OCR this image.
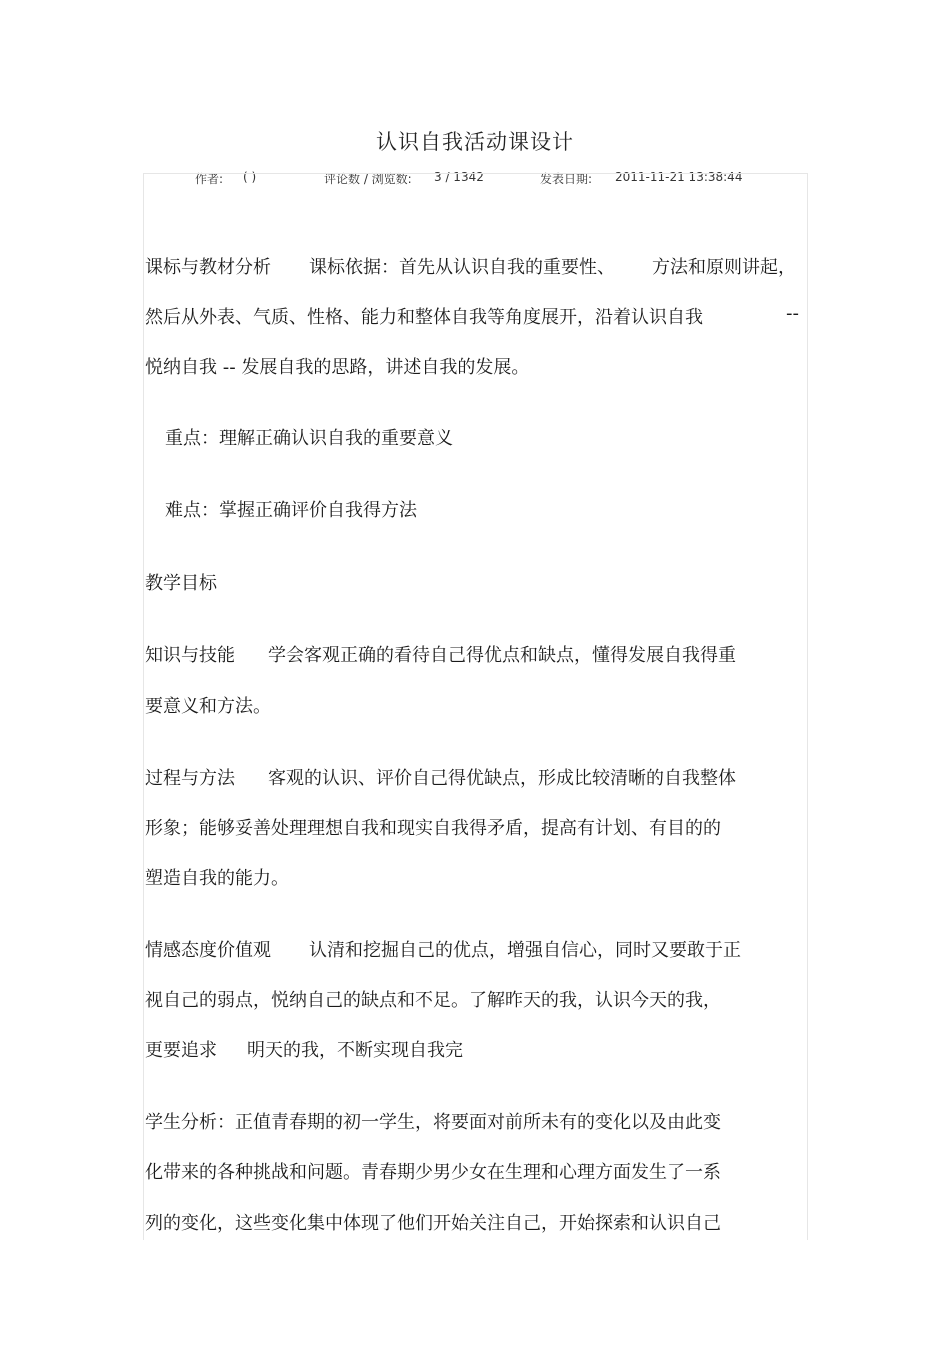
认识自我活动课设计
作者: ( )	评论数 / 浏览数: 3 / 1342	发表日期: 2011-11-21 13:38:44
课标与教材分析 课标依据：首先从认识自我的重要性、 方法和原则讲起，
然后从外表、气质、性格、能力和整体自我等角度展开，沿着认识自我	--
悦纳自我 -- 发展自我的思路，讲述自我的发展。
重点：理解正确认识自我的重要意义
难点：掌握正确评价自我得方法
教学目标
知识与技能 学会客观正确的看待自己得优点和缺点，懂得发展自我得重
要意义和方法。
过程与方法 客观的认识、评价自己得优缺点，形成比较清晰的自我整体
形象；能够妥善处理理想自我和现实自我得矛盾，提高有计划、有目的的
塑造自我的能力。
情感态度价值观 认清和挖掘自己的优点，增强自信心，同时又要敢于正
视自己的弱点，悦纳自己的缺点和不足。了解昨天的我，认识今天的我，
更要追求 明天的我，不断实现自我完
学生分析：正值青春期的初一学生，将要面对前所未有的变化以及由此变
化带来的各种挑战和问题。青春期少男少女在生理和心理方面发生了一系
列的变化，这些变化集中体现了他们开始关注自己，开始探索和认识自己
